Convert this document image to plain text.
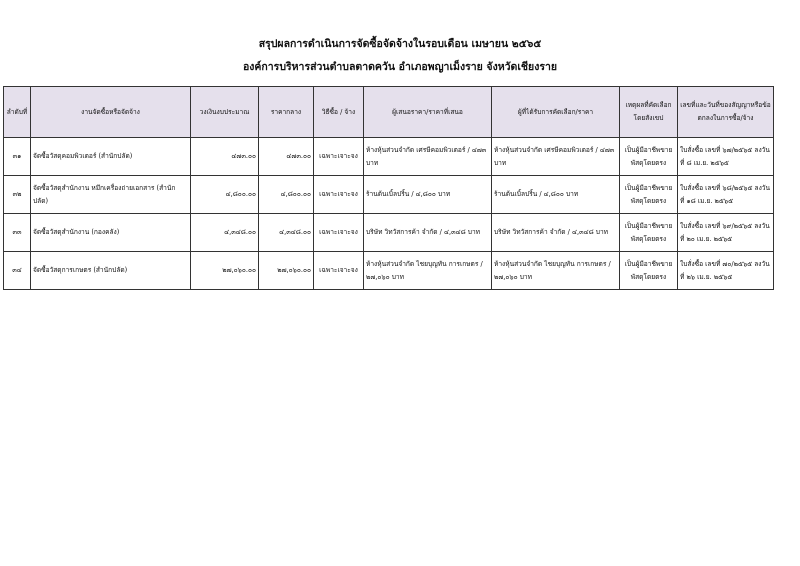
สรุปผลการดำเนินการจัดซื้อจัดจ้างในรอบเดือน เมษายน ๒๕๖๕
องค์การบริหารส่วนตำบลตาดควัน อำเภอพญาเม็งราย จังหวัดเชียงราย
ลำดับที่	งานจัดซื้อหรือจัดจ้าง	วงเงินงบประมาณ	ราคากลาง	วิธีซื้อ / จ้าง	ผู้เสนอราคา/ราคาที่เสนอ	ผู้ที่ได้รับการคัดเลือก/ราคา	เหตุผลที่คัดเลือกโดยสังเขป	เลขที่และวันที่ของสัญญาหรือข้อตกลงในการซื้อ/จ้าง
๓๑	จัดซื้อวัสดุคอมพิวเตอร์ (สำนักปลัด)	๔๗๓.๐๐	๔๗๓.๐๐	เฉพาะเจาะจง	ห้างหุ้นส่วนจำกัด เศรษีคอมพิวเตอร์ / ๔๗๓ บาท	ห้างหุ้นส่วนจำกัด เศรษีคอมพิวเตอร์ / ๔๗๓ บาท	เป็นผู้มีอาชีพขายพัสดุโดยตรง	ใบสั่งซื้อ เลขที่ ๖๗/๒๕๖๕ ลงวันที่ ๘ เม.ย. ๒๕๖๕
๓๒	จัดซื้อวัสดุสำนักงาน หมึกเครื่องถ่ายเอกสาร (สำนักปลัด)	๔,๘๐๐.๐๐	๔,๘๐๐.๐๐	เฉพาะเจาะจง	ร้านต้นเบิ้ลปริ้น / ๔,๘๐๐ บาท	ร้านต้นเบิ้ลปริ้น / ๔,๘๐๐ บาท	เป็นผู้มีอาชีพขายพัสดุโดยตรง	ใบสั่งซื้อ เลขที่ ๖๘/๒๕๖๕ ลงวันที่ ๑๘ เม.ย. ๒๕๖๕
๓๓	จัดซื้อวัสดุสำนักงาน (กองคลัง)	๔,๓๔๘.๐๐	๔,๓๔๘.๐๐	เฉพาะเจาะจง	บริษัท วิทวัสการค้า จำกัด / ๔,๓๔๘ บาท	บริษัท วิทวัสการค้า จำกัด / ๔,๓๔๘ บาท	เป็นผู้มีอาชีพขายพัสดุโดยตรง	ใบสั่งซื้อ เลขที่ ๖๙/๒๕๖๕ ลงวันที่ ๒๐ เม.ย. ๒๕๖๕
๓๔	จัดซื้อวัสดุการเกษตร (สำนักปลัด)	๒๗,๐๖๐.๐๐	๒๗,๐๖๐.๐๐	เฉพาะเจาะจง	ห้างหุ้นส่วนจำกัด ไชยบุญทัน การเกษตร / ๒๗,๐๖๐ บาท	ห้างหุ้นส่วนจำกัด ไชยบุญทัน การเกษตร / ๒๗,๐๖๐ บาท	เป็นผู้มีอาชีพขายพัสดุโดยตรง	ใบสั่งซื้อ เลขที่ ๗๐/๒๕๖๕ ลงวันที่ ๒๖ เม.ย. ๒๕๖๕
